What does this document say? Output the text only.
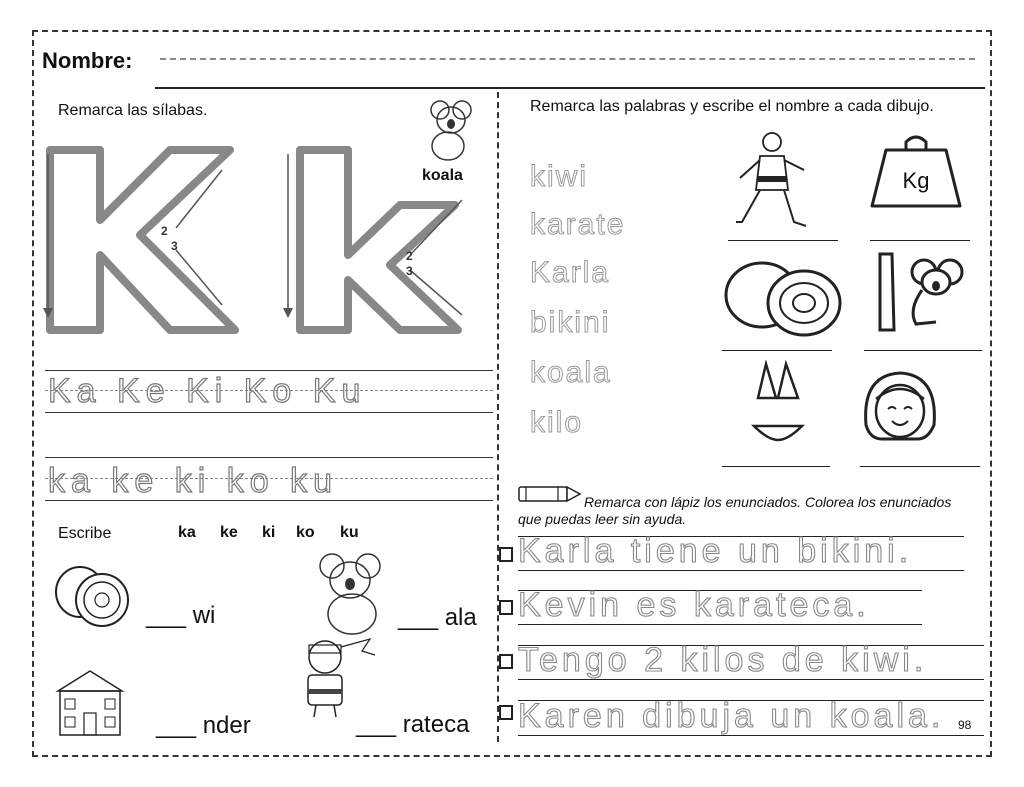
Nombre:
Remarca las sílabas.
koala
2
3
2
3
Ka Ke Ki Ko Ku
ka ke ki ko ku
Escribe	ka	ke	ki	ko	ku
___ wi	___ ala
___ nder	___ rateca
Remarca las palabras y escribe el nombre a cada dibujo.
kiwi
karate
Karla
bikini
koala
kilo
Kg
Remarca con lápiz los enunciados. Colorea los enunciados que puedas leer sin ayuda.
Karla tiene un bikini.
Kevin es karateca.
Tengo 2 kilos de kiwi.
Karen dibuja un koala. 98
